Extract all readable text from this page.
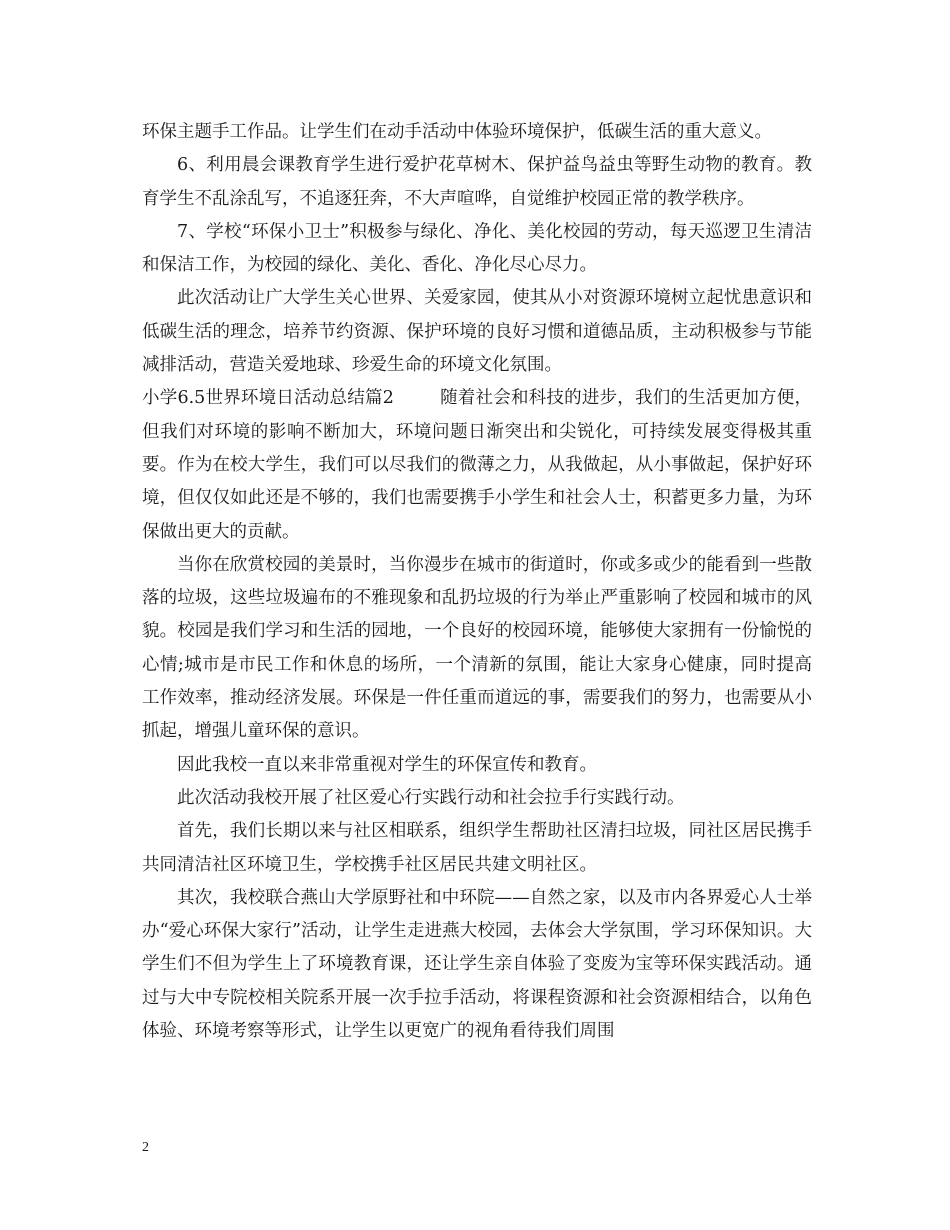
环保主题手工作品。让学生们在动手活动中体验环境保护，低碳生活的重大意义。

6、利用晨会课教育学生进行爱护花草树木、保护益鸟益虫等野生动物的教育。教育学生不乱涂乱写，不追逐狂奔，不大声喧哗，自觉维护校园正常的教学秩序。

7、学校“环保小卫士”积极参与绿化、净化、美化校园的劳动，每天巡逻卫生清洁和保洁工作，为校园的绿化、美化、香化、净化尽心尽力。

此次活动让广大学生关心世界、关爱家园，使其从小对资源环境树立起忧患意识和低碳生活的理念，培养节约资源、保护环境的良好习惯和道德品质，主动积极参与节能减排活动，营造关爱地球、珍爱生命的环境文化氛围。

小学6.5世界环境日活动总结篇2	随着社会和科技的进步，我们的生活更加方便，但我们对环境的影响不断加大，环境问题日渐突出和尖锐化，可持续发展变得极其重要。作为在校大学生，我们可以尽我们的微薄之力，从我做起，从小事做起，保护好环境，但仅仅如此还是不够的，我们也需要携手小学生和社会人士，积蓄更多力量，为环保做出更大的贡献。

当你在欣赏校园的美景时，当你漫步在城市的街道时，你或多或少的能看到一些散落的垃圾，这些垃圾遍布的不雅现象和乱扔垃圾的行为举止严重影响了校园和城市的风貌。校园是我们学习和生活的园地，一个良好的校园环境，能够使大家拥有一份愉悦的心情;城市是市民工作和休息的场所，一个清新的氛围，能让大家身心健康，同时提高工作效率，推动经济发展。环保是一件任重而道远的事，需要我们的努力，也需要从小抓起，增强儿童环保的意识。

因此我校一直以来非常重视对学生的环保宣传和教育。

此次活动我校开展了社区爱心行实践行动和社会拉手行实践行动。

首先，我们长期以来与社区相联系，组织学生帮助社区清扫垃圾，同社区居民携手共同清洁社区环境卫生，学校携手社区居民共建文明社区。

其次，我校联合燕山大学原野社和中环院——自然之家，以及市内各界爱心人士举办“爱心环保大家行”活动，让学生走进燕大校园，去体会大学氛围，学习环保知识。大学生们不但为学生上了环境教育课，还让学生亲自体验了变废为宝等环保实践活动。通过与大中专院校相关院系开展一次手拉手活动，将课程资源和社会资源相结合，以角色体验、环境考察等形式，让学生以更宽广的视角看待我们周围

2
